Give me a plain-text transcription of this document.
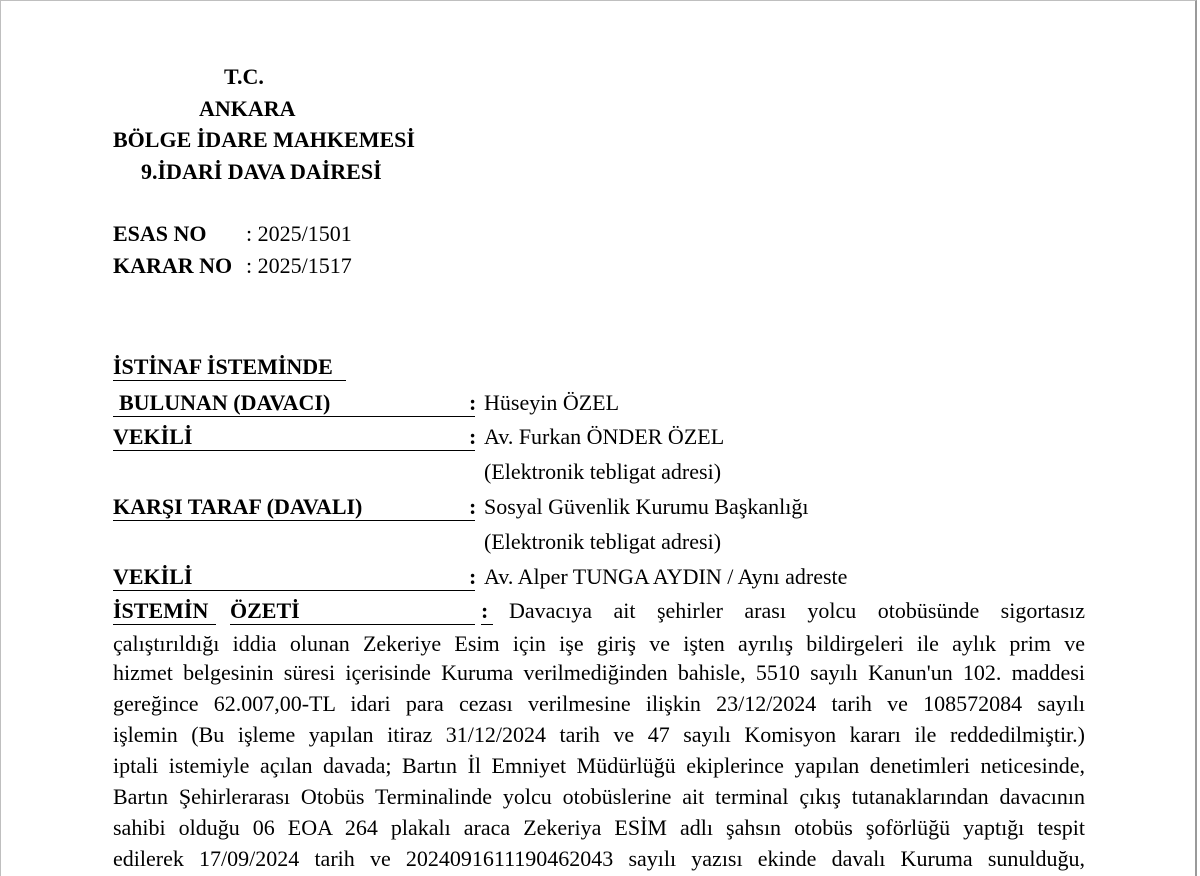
T.C.
ANKARA
BÖLGE İDARE MAHKEMESİ
9.İDARİ DAVA DAİRESİ
ESAS NO : 2025/1501
KARAR NO : 2025/1517
İSTİNAF İSTEMİNDE
BULUNAN (DAVACI)	: Hüseyin ÖZEL
VEKİLİ	: Av. Furkan ÖNDER ÖZEL
(Elektronik tebligat adresi)
KARŞI TARAF (DAVALI)	: Sosyal Güvenlik Kurumu Başkanlığı
(Elektronik tebligat adresi)
VEKİLİ	: Av. Alper TUNGA AYDIN / Aynı adreste
İSTEMİN ÖZETİ	: Davacıya ait şehirler arası yolcu otobüsünde sigortasız
çalıştırıldığı iddia olunan Zekeriye Esim için işe giriş ve işten ayrılış bildirgeleri ile aylık prim ve
hizmet belgesinin süresi içerisinde Kuruma verilmediğinden bahisle, 5510 sayılı Kanun'un 102. maddesi
gereğince 62.007,00-TL idari para cezası verilmesine ilişkin 23/12/2024 tarih ve 108572084 sayılı
işlemin (Bu işleme yapılan itiraz 31/12/2024 tarih ve 47 sayılı Komisyon kararı ile reddedilmiştir.)
iptali istemiyle açılan davada; Bartın İl Emniyet Müdürlüğü ekiplerince yapılan denetimleri neticesinde,
Bartın Şehirlerarası Otobüs Terminalinde yolcu otobüslerine ait terminal çıkış tutanaklarından davacının
sahibi olduğu 06 EOA 264 plakalı araca Zekeriya ESİM adlı şahsın otobüs şoförlüğü yaptığı tespit
edilerek 17/09/2024 tarih ve 2024091611190462043 sayılı yazısı ekinde davalı Kuruma sunulduğu,
